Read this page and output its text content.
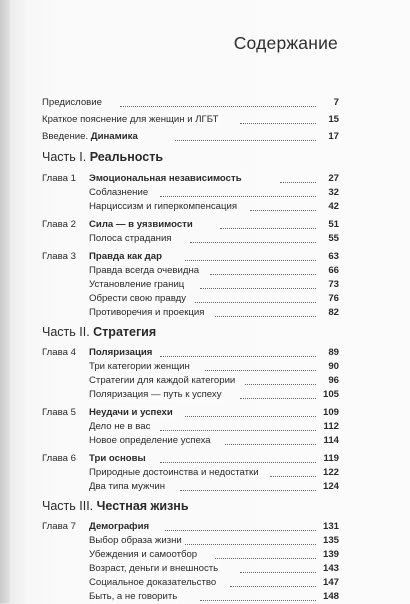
Содержание
Предисловие	7
Краткое пояснение для женщин и ЛГБТ	15
Введение. Динамика	17
Часть I. Реальность
Глава 1 Эмоциональная независимость	27
Соблазнение	32
Нарциссизм и гиперкомпенсация	42
Глава 2 Сила — в уязвимости	51
Полоса страдания	55
Глава 3 Правда как дар	63
Правда всегда очевидна	66
Установление границ	73
Обрести свою правду	76
Противоречия и проекция	82
Часть II. Стратегия
Глава 4 Поляризация	89
Три категории женщин	90
Стратегии для каждой категории	96
Поляризация — путь к успеху	105
Глава 5 Неудачи и успехи	109
Дело не в вас	112
Новое определение успеха	114
Глава 6 Три основы	119
Природные достоинства и недостатки	122
Два типа мужчин	124
Часть III. Честная жизнь
Глава 7 Демография	131
Выбор образа жизни	135
Убеждения и самоотбор	139
Возраст, деньги и внешность	143
Социальное доказательство	147
Быть, а не говорить	148
